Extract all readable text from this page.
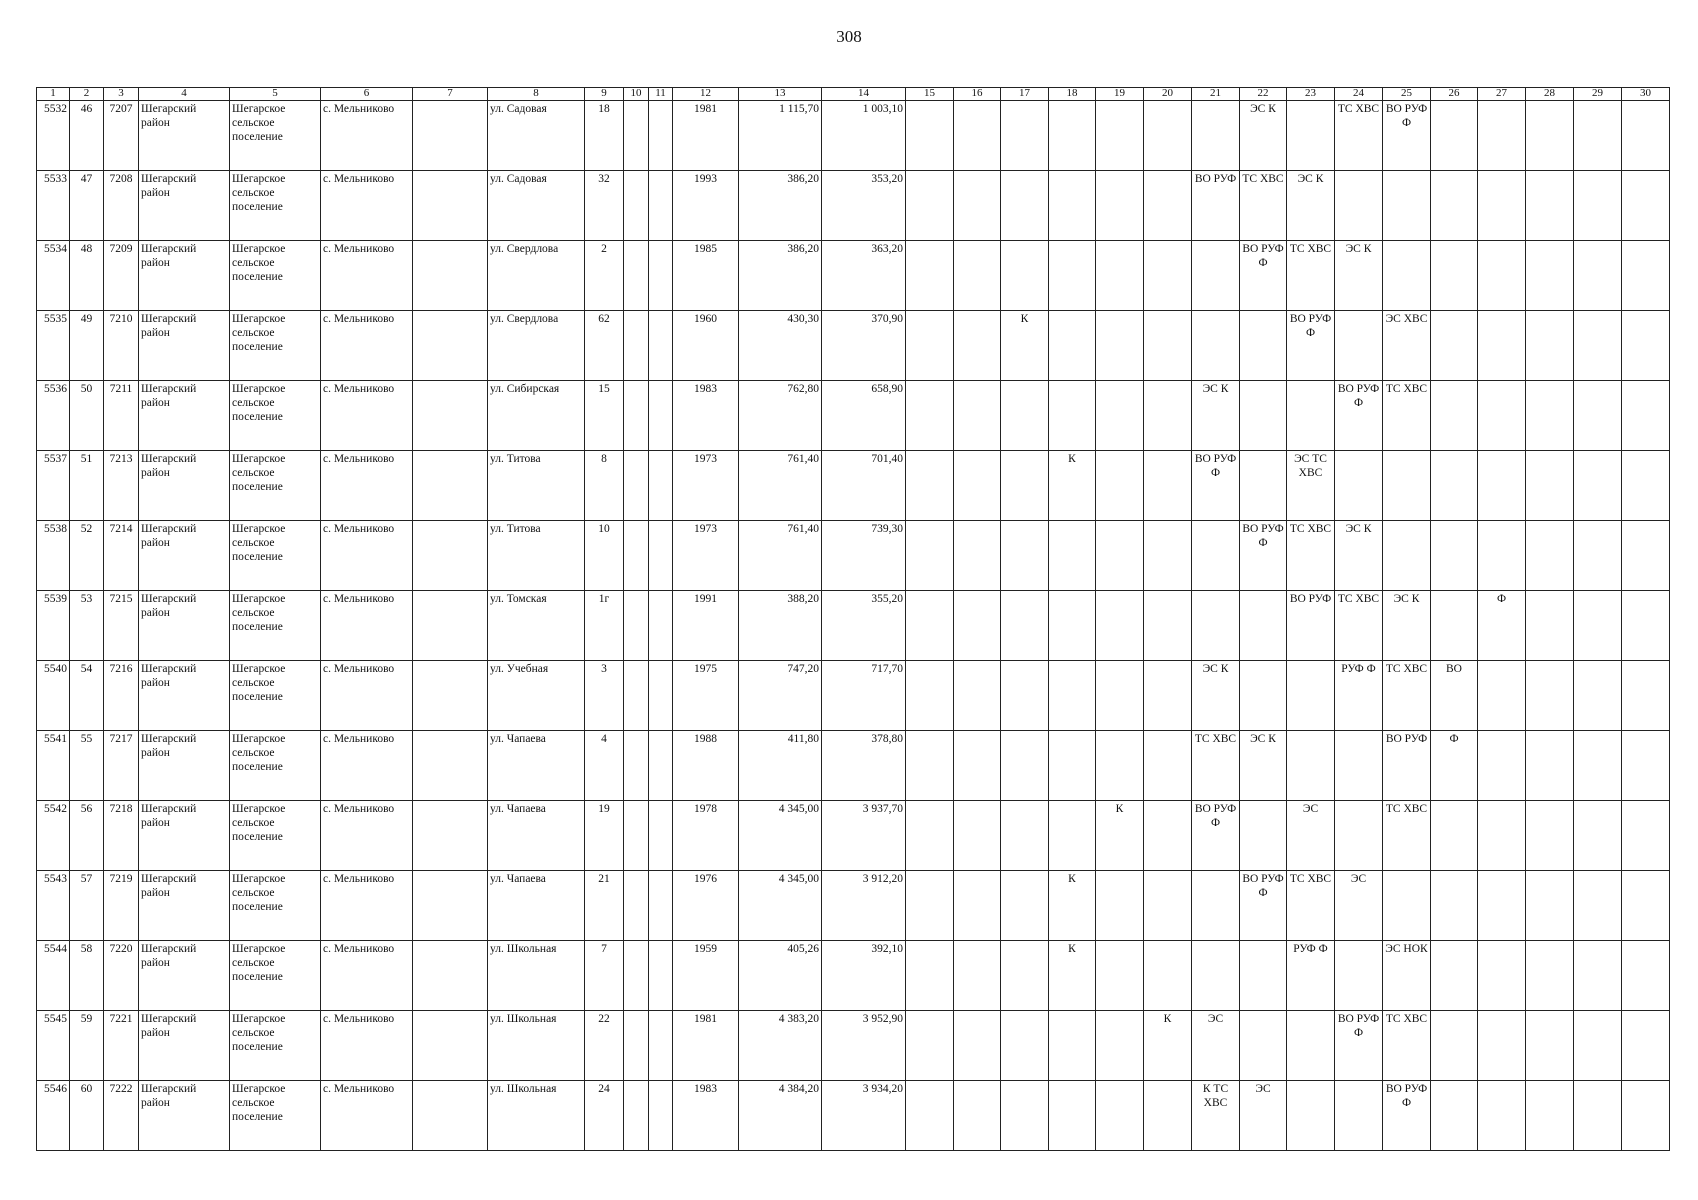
308
1	2	3	4	5	6	7	8	9	10	11	12	13	14	15	16	17	18	19	20	21	22	23	24	25	26	27	28	29	30
5532	46	7207	Шегарский район	Шегарское сельское поселение	с. Мельниково		ул. Садовая	18			1981	1 115,70	1 003,10								ЭС К		ТС ХВС	ВО РУФ Ф					
5533	47	7208	Шегарский район	Шегарское сельское поселение	с. Мельниково		ул. Садовая	32			1993	386,20	353,20							ВО РУФ	ТС ХВС	ЭС К							
5534	48	7209	Шегарский район	Шегарское сельское поселение	с. Мельниково		ул. Свердлова	2			1985	386,20	363,20								ВО РУФ Ф	ТС ХВС	ЭС К						
5535	49	7210	Шегарский район	Шегарское сельское поселение	с. Мельниково		ул. Свердлова	62			1960	430,30	370,90			К						ВО РУФ Ф		ЭС ХВС					
5536	50	7211	Шегарский район	Шегарское сельское поселение	с. Мельниково		ул. Сибирская	15			1983	762,80	658,90							ЭС К			ВО РУФ Ф	ТС ХВС					
5537	51	7213	Шегарский район	Шегарское сельское поселение	с. Мельниково		ул. Титова	8			1973	761,40	701,40				К			ВО РУФ Ф		ЭС ТС ХВС							
5538	52	7214	Шегарский район	Шегарское сельское поселение	с. Мельниково		ул. Титова	10			1973	761,40	739,30								ВО РУФ Ф	ТС ХВС	ЭС К						
5539	53	7215	Шегарский район	Шегарское сельское поселение	с. Мельниково		ул. Томская	1г			1991	388,20	355,20									ВО РУФ	ТС ХВС	ЭС К		Ф			
5540	54	7216	Шегарский район	Шегарское сельское поселение	с. Мельниково		ул. Учебная	3			1975	747,20	717,70							ЭС К			РУФ Ф	ТС ХВС	ВО				
5541	55	7217	Шегарский район	Шегарское сельское поселение	с. Мельниково		ул. Чапаева	4			1988	411,80	378,80							ТС ХВС	ЭС К			ВО РУФ	Ф				
5542	56	7218	Шегарский район	Шегарское сельское поселение	с. Мельниково		ул. Чапаева	19			1978	4 345,00	3 937,70					К		ВО РУФ Ф		ЭС		ТС ХВС					
5543	57	7219	Шегарский район	Шегарское сельское поселение	с. Мельниково		ул. Чапаева	21			1976	4 345,00	3 912,20				К				ВО РУФ Ф	ТС ХВС	ЭС						
5544	58	7220	Шегарский район	Шегарское сельское поселение	с. Мельниково		ул. Школьная	7			1959	405,26	392,10				К					РУФ Ф		ЭС НОК					
5545	59	7221	Шегарский район	Шегарское сельское поселение	с. Мельниково		ул. Школьная	22			1981	4 383,20	3 952,90						К	ЭС			ВО РУФ Ф	ТС ХВС					
5546	60	7222	Шегарский район	Шегарское сельское поселение	с. Мельниково		ул. Школьная	24			1983	4 384,20	3 934,20							К ТС ХВС	ЭС			ВО РУФ Ф					
